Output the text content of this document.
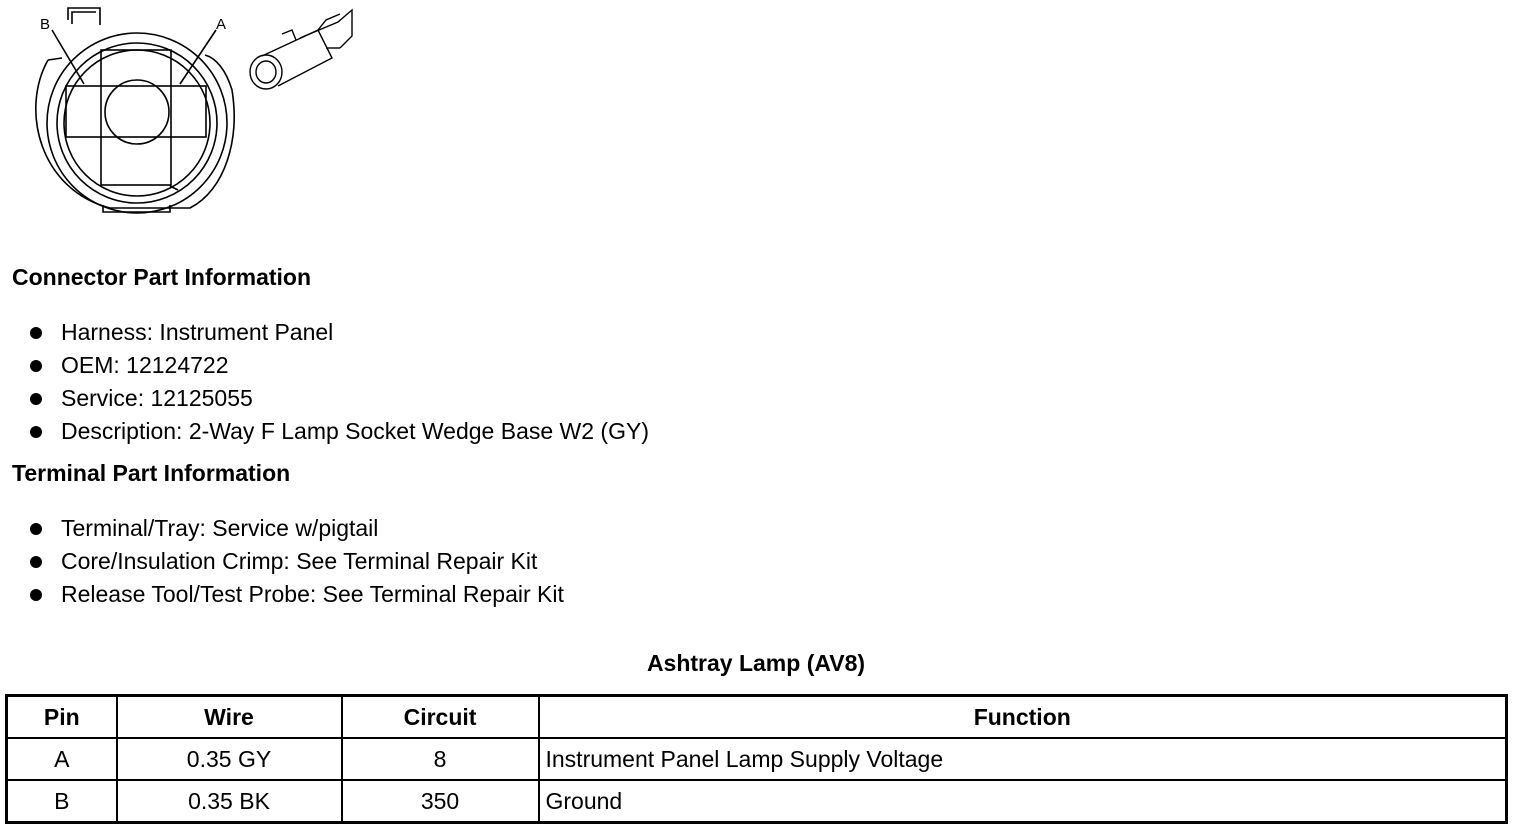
B	A
Connector Part Information
Harness: Instrument Panel
OEM: 12124722
Service: 12125055
Description: 2-Way F Lamp Socket Wedge Base W2 (GY)
Terminal Part Information
Terminal/Tray: Service w/pigtail
Core/Insulation Crimp: See Terminal Repair Kit
Release Tool/Test Probe: See Terminal Repair Kit
Ashtray Lamp (AV8)
Pin	Wire	Circuit	Function
A	0.35 GY	8	Instrument Panel Lamp Supply Voltage
B	0.35 BK	350	Ground
